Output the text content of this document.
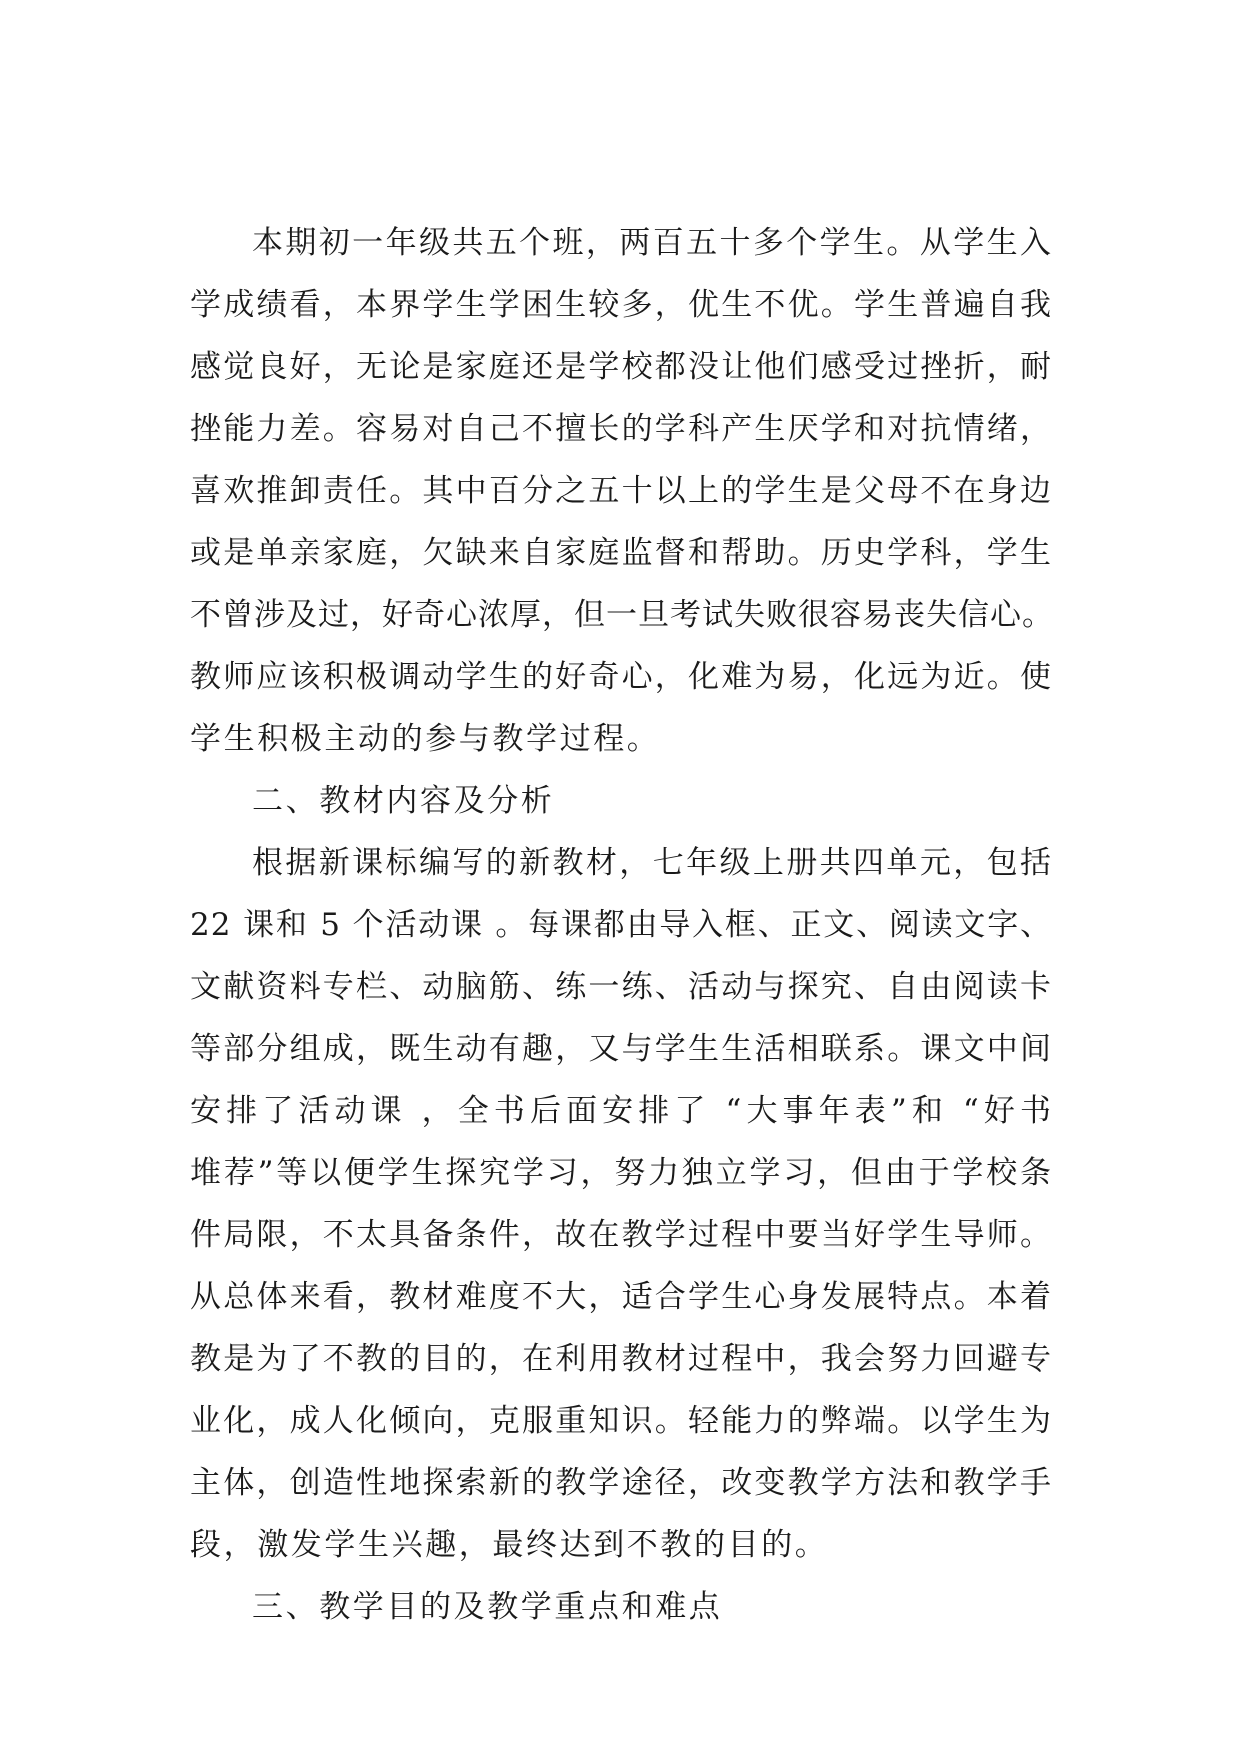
本期初一年级共五个班，两百五十多个学生。从学生入
学成绩看，本界学生学困生较多，优生不优。学生普遍自我
感觉良好，无论是家庭还是学校都没让他们感受过挫折，耐
挫能力差。容易对自己不擅长的学科产生厌学和对抗情绪，
喜欢推卸责任。其中百分之五十以上的学生是父母不在身边
或是单亲家庭，欠缺来自家庭监督和帮助。历史学科，学生
不曾涉及过，好奇心浓厚，但一旦考试失败很容易丧失信心。
教师应该积极调动学生的好奇心，化难为易，化远为近。使
学生积极主动的参与教学过程。
二、教材内容及分析
根据新课标编写的新教材，七年级上册共四单元，包括
22 课和 5 个活动课 。每课都由导入框、正文、阅读文字、
文献资料专栏、动脑筋、练一练、活动与探究、自由阅读卡
等部分组成，既生动有趣，又与学生生活相联系。课文中间
安排了活动课 ，全书后面安排了 “大事年表”和 “好书
堆荐”等以便学生探究学习，努力独立学习，但由于学校条
件局限，不太具备条件，故在教学过程中要当好学生导师。
从总体来看，教材难度不大，适合学生心身发展特点。本着
教是为了不教的目的，在利用教材过程中，我会努力回避专
业化，成人化倾向，克服重知识。轻能力的弊端。以学生为
主体，创造性地探索新的教学途径，改变教学方法和教学手
段，激发学生兴趣，最终达到不教的目的。
三、教学目的及教学重点和难点
